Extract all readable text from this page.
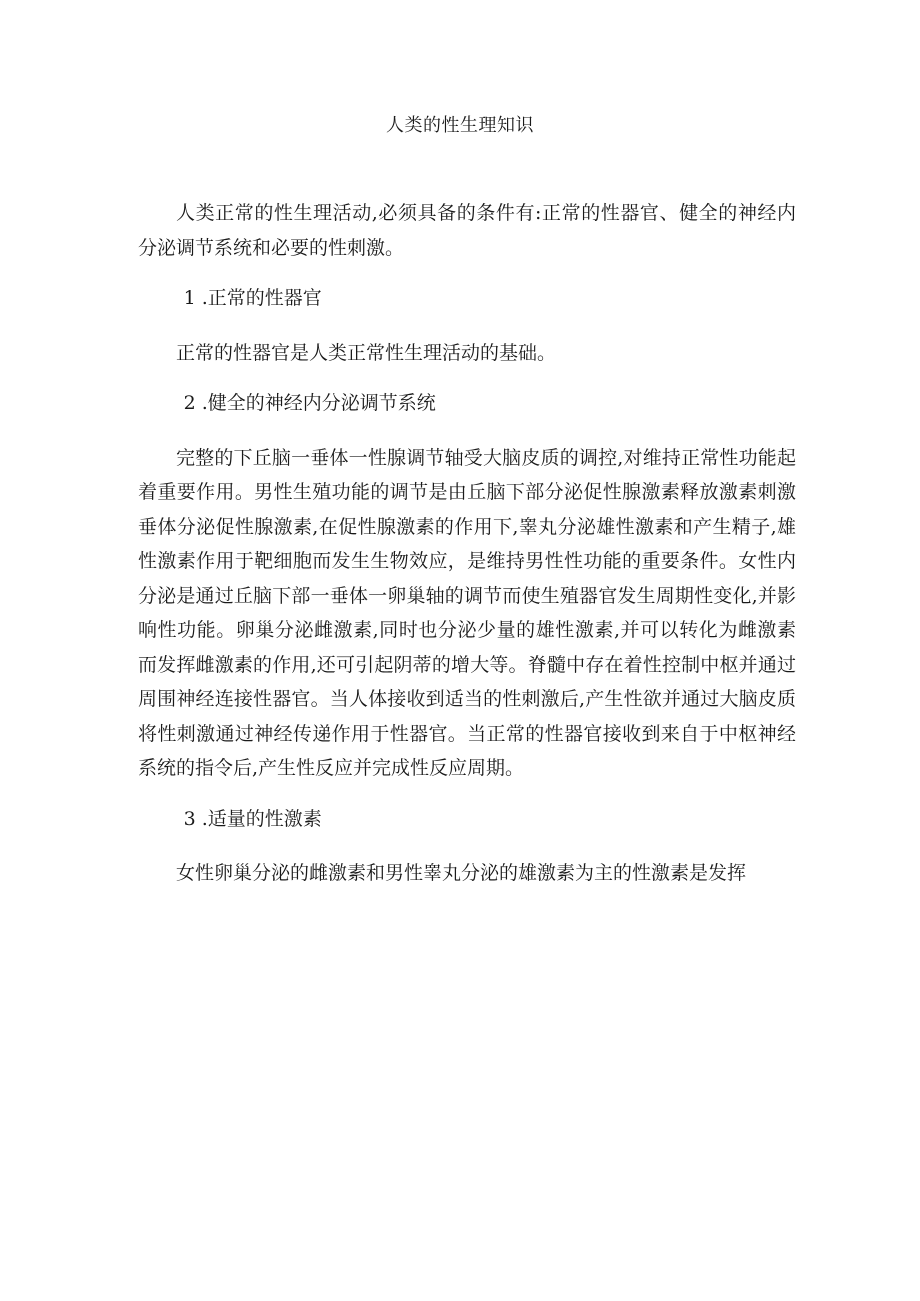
人类的性生理知识

人类正常的性生理活动,必须具备的条件有:正常的性器官、健全的神经内分泌调节系统和必要的性刺激。

1 .正常的性器官

正常的性器官是人类正常性生理活动的基础。

2 .健全的神经内分泌调节系统

完整的下丘脑一垂体一性腺调节轴受大脑皮质的调控,对维持正常性功能起着重要作用。男性生殖功能的调节是由丘脑下部分泌促性腺激素释放激素刺激垂体分泌促性腺激素,在促性腺激素的作用下,睾丸分泌雄性激素和产生精子,雄性激素作用于靶细胞而发生生物效应，是维持男性性功能的重要条件。女性内分泌是通过丘脑下部一垂体一卵巢轴的调节而使生殖器官发生周期性变化,并影响性功能。卵巢分泌雌激素,同时也分泌少量的雄性激素,并可以转化为雌激素而发挥雌激素的作用,还可引起阴蒂的增大等。脊髓中存在着性控制中枢并通过周围神经连接性器官。当人体接收到适当的性刺激后,产生性欲并通过大脑皮质将性刺激通过神经传递作用于性器官。当正常的性器官接收到来自于中枢神经系统的指令后,产生性反应并完成性反应周期。

3 .适量的性激素

女性卵巢分泌的雌激素和男性睾丸分泌的雄激素为主的性激素是发挥
